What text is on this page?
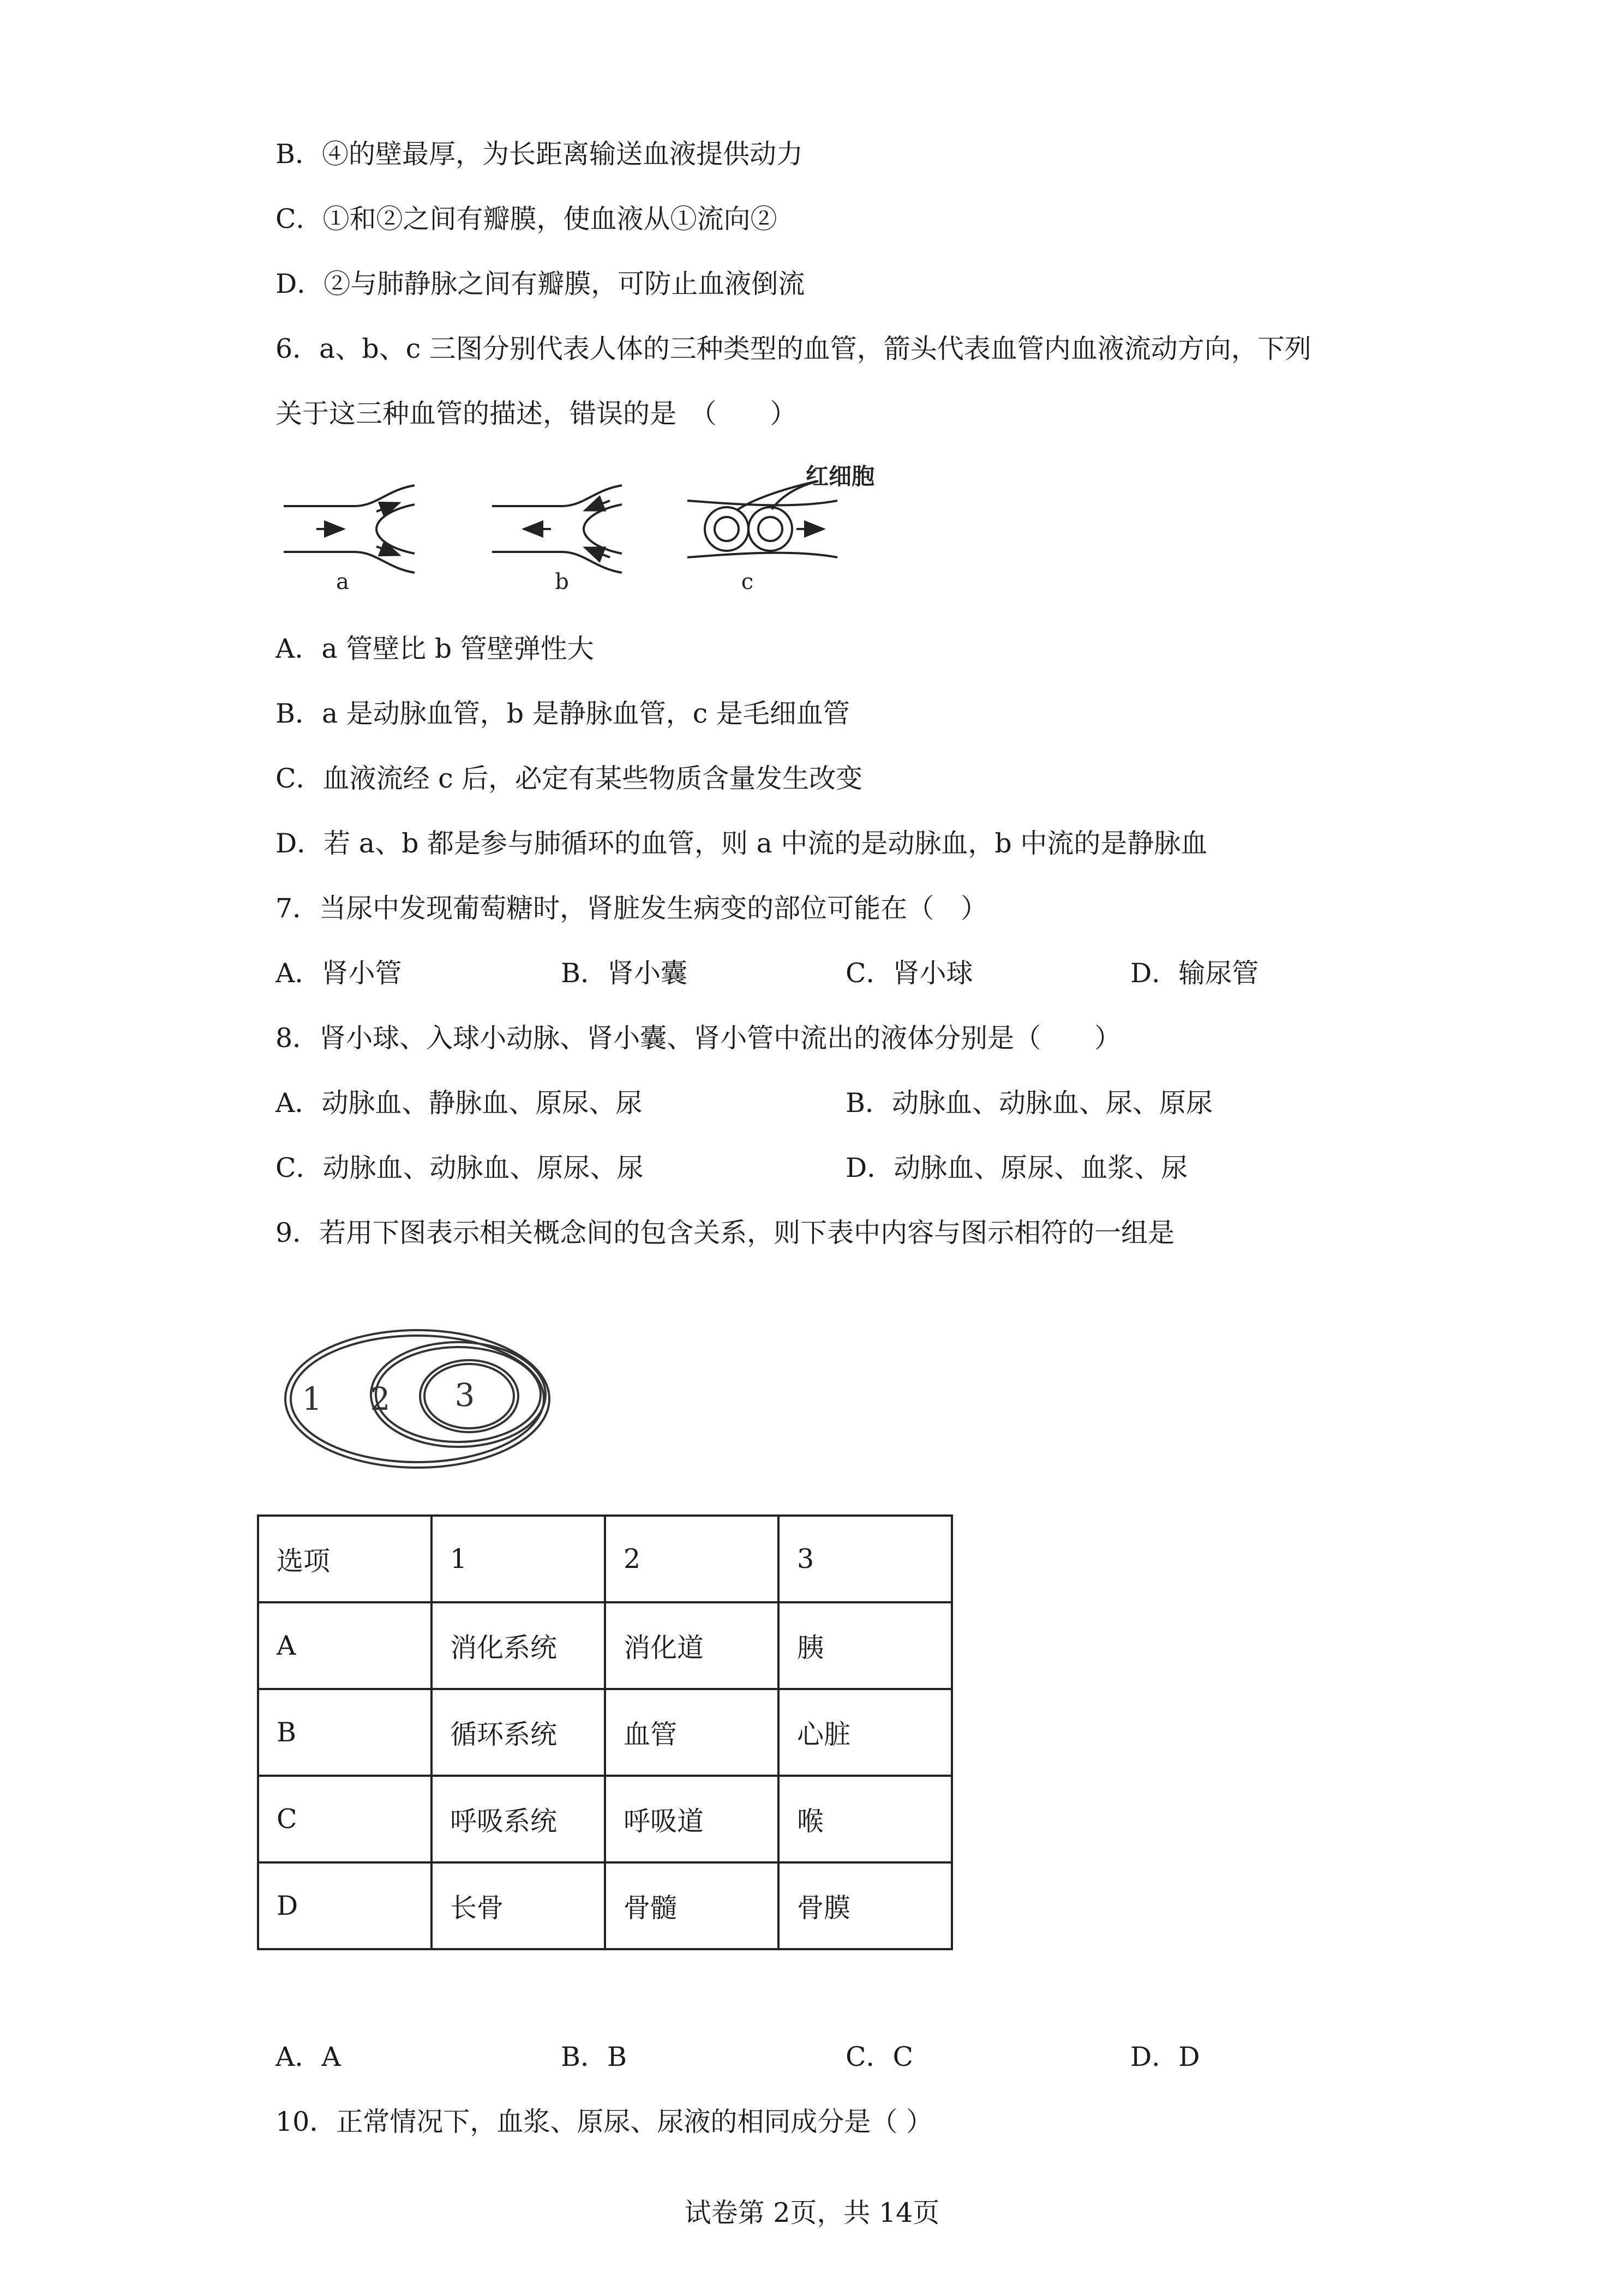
B．④的壁最厚，为长距离输送血液提供动力
C．①和②之间有瓣膜，使血液从①流向②
D．②与肺静脉之间有瓣膜，可防止血液倒流
6．a、b、c 三图分别代表人体的三种类型的血管，箭头代表血管内血液流动方向，下列
关于这三种血管的描述，错误的是　（　　）
a	b
红细胞
c
A．a 管壁比 b 管壁弹性大
B．a 是动脉血管，b 是静脉血管，c 是毛细血管
C．血液流经 c 后，必定有某些物质含量发生改变
D．若 a、b 都是参与肺循环的血管，则 a 中流的是动脉血，b 中流的是静脉血
7．当尿中发现葡萄糖时，肾脏发生病变的部位可能在（　）
A．肾小管	B．肾小囊	C．肾小球	D．输尿管
8．肾小球、入球小动脉、肾小囊、肾小管中流出的液体分别是（　　）
A．动脉血、静脉血、原尿、尿	B．动脉血、动脉血、尿、原尿
C．动脉血、动脉血、原尿、尿	D．动脉血、原尿、血浆、尿
9．若用下图表示相关概念间的包含关系，则下表中内容与图示相符的一组是
1 2 3
选项	1	2	3
A	消化系统	消化道	胰
B	循环系统	血管	心脏
C	呼吸系统	呼吸道	喉
D	长骨	骨髓	骨膜
A．A	B．B	C．C	D．D
10．正常情况下，血浆、原尿、尿液的相同成分是（ ）
试卷第 2页，共 14页
